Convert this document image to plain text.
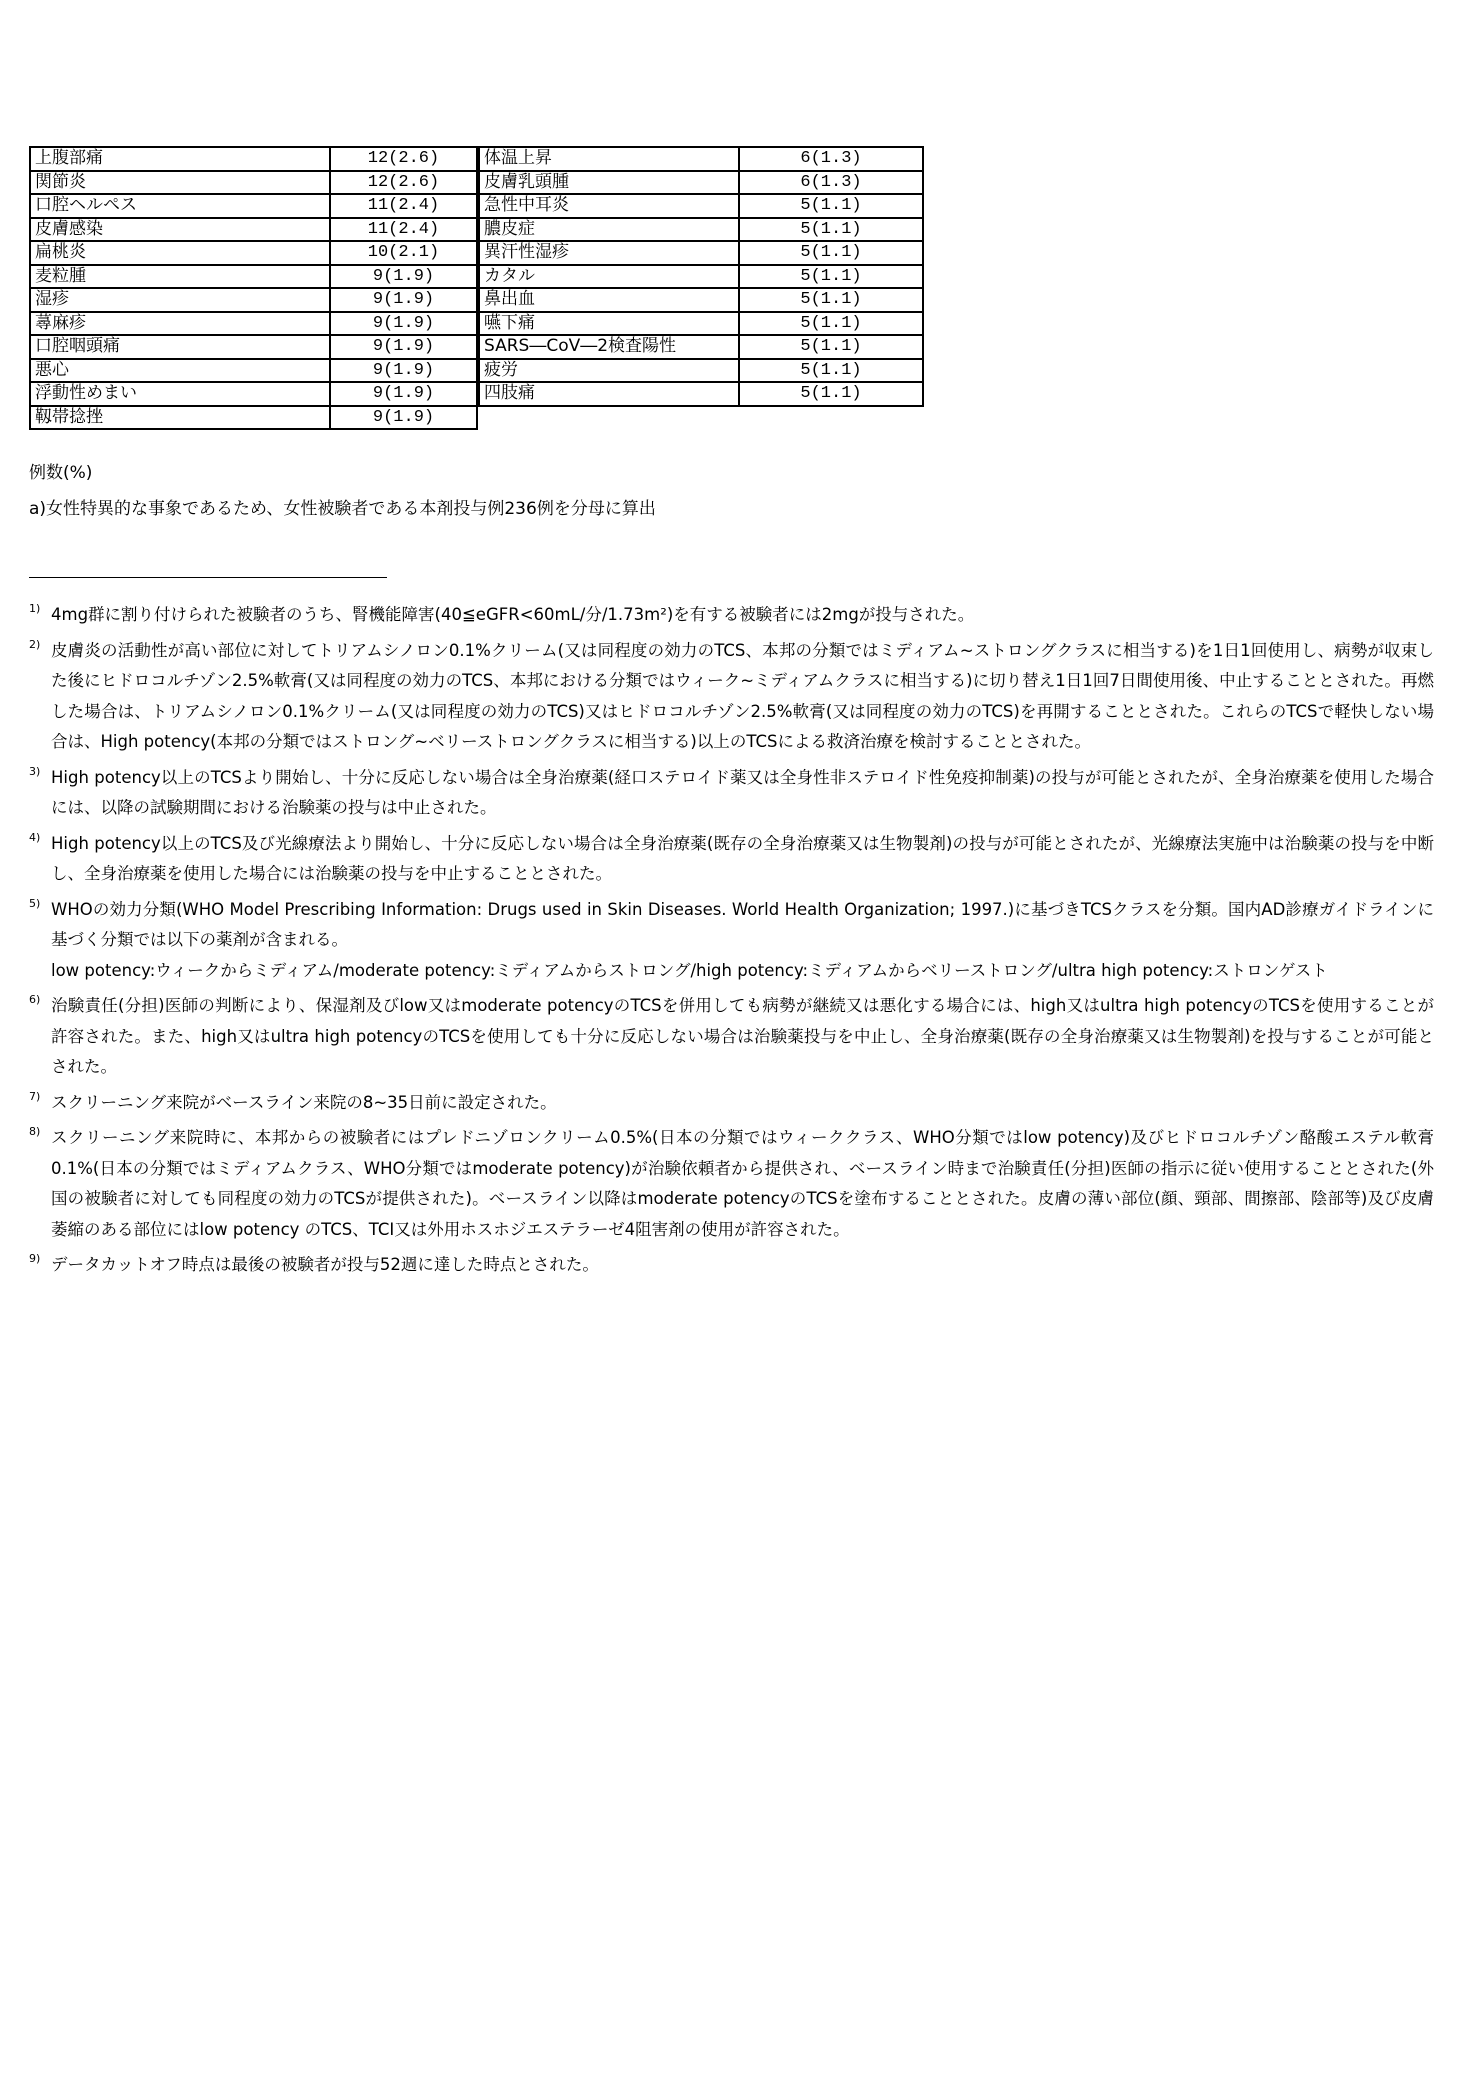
上腹部痛	12(2.6)
関節炎	12(2.6)
口腔ヘルペス	11(2.4)
皮膚感染	11(2.4)
扁桃炎	10(2.1)
麦粒腫	9(1.9)
湿疹	9(1.9)
蕁麻疹	9(1.9)
口腔咽頭痛	9(1.9)
悪心	9(1.9)
浮動性めまい	9(1.9)
靱帯捻挫	9(1.9)
体温上昇	6(1.3)
皮膚乳頭腫	6(1.3)
急性中耳炎	5(1.1)
膿皮症	5(1.1)
異汗性湿疹	5(1.1)
カタル	5(1.1)
鼻出血	5(1.1)
嚥下痛	5(1.1)
SARS―CoV―2検査陽性	5(1.1)
疲労	5(1.1)
四肢痛	5(1.1)
例数(%)
a)女性特異的な事象であるため、女性被験者である本剤投与例236例を分母に算出
1) 4mg群に割り付けられた被験者のうち、腎機能障害(40≦eGFR<60mL/分/1.73m²)を有する被験者には2mgが投与された。

2) 皮膚炎の活動性が高い部位に対してトリアムシノロン0.1%クリーム(又は同程度の効力のTCS、本邦の分類ではミディアム~ストロングクラスに相当する)を1日1回使用し、病勢が収束した後にヒドロコルチゾン2.5%軟膏(又は同程度の効力のTCS、本邦における分類ではウィーク~ミディアムクラスに相当する)に切り替え1日1回7日間使用後、中止することとされた。再燃した場合は、トリアムシノロン0.1%クリーム(又は同程度の効力のTCS)又はヒドロコルチゾン2.5%軟膏(又は同程度の効力のTCS)を再開することとされた。これらのTCSで軽快しない場合は、High potency(本邦の分類ではストロング~ベリーストロングクラスに相当する)以上のTCSによる救済治療を検討することとされた。

3) High potency以上のTCSより開始し、十分に反応しない場合は全身治療薬(経口ステロイド薬又は全身性非ステロイド性免疫抑制薬)の投与が可能とされたが、全身治療薬を使用した場合には、以降の試験期間における治験薬の投与は中止された。

4) High potency以上のTCS及び光線療法より開始し、十分に反応しない場合は全身治療薬(既存の全身治療薬又は生物製剤)の投与が可能とされたが、光線療法実施中は治験薬の投与を中断し、全身治療薬を使用した場合には治験薬の投与を中止することとされた。

5) WHOの効力分類(WHO Model Prescribing Information: Drugs used in Skin Diseases. World Health Organization; 1997.)に基づきTCSクラスを分類。国内AD診療ガイドラインに基づく分類では以下の薬剤が含まれる。

low potency:ウィークからミディアム/moderate potency:ミディアムからストロング/high potency:ミディアムからベリーストロング/ultra high potency:ストロンゲスト

6) 治験責任(分担)医師の判断により、保湿剤及びlow又はmoderate potencyのTCSを併用しても病勢が継続又は悪化する場合には、high又はultra high potencyのTCSを使用することが許容された。また、high又はultra high potencyのTCSを使用しても十分に反応しない場合は治験薬投与を中止し、全身治療薬(既存の全身治療薬又は生物製剤)を投与することが可能とされた。

7) スクリーニング来院がベースライン来院の8~35日前に設定された。

8) スクリーニング来院時に、本邦からの被験者にはプレドニゾロンクリーム0.5%(日本の分類ではウィーククラス、WHO分類ではlow potency)及びヒドロコルチゾン酪酸エステル軟膏0.1%(日本の分類ではミディアムクラス、WHO分類ではmoderate potency)が治験依頼者から提供され、ベースライン時まで治験責任(分担)医師の指示に従い使用することとされた(外国の被験者に対しても同程度の効力のTCSが提供された)。ベースライン以降はmoderate potencyのTCSを塗布することとされた。皮膚の薄い部位(顔、頸部、間擦部、陰部等)及び皮膚萎縮のある部位にはlow potency のTCS、TCI又は外用ホスホジエステラーゼ4阻害剤の使用が許容された。

9) データカットオフ時点は最後の被験者が投与52週に達した時点とされた。
